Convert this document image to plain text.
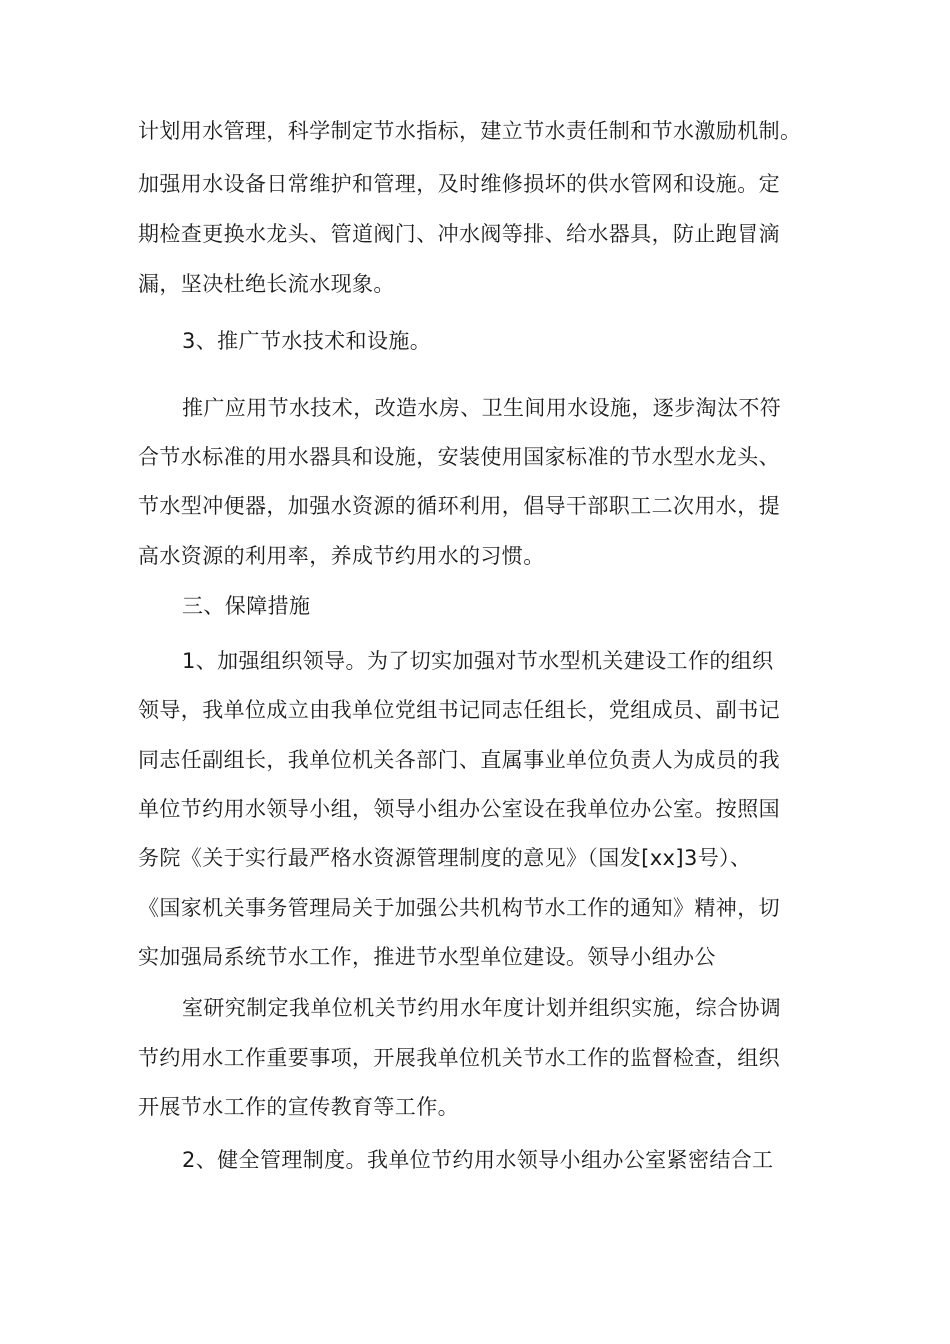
计划用水管理，科学制定节水指标，建立节水责任制和节水激励机制。
加强用水设备日常维护和管理，及时维修损坏的供水管网和设施。定
期检查更换水龙头、管道阀门、冲水阀等排、给水器具，防止跑冒滴
漏，坚决杜绝长流水现象。
3、推广节水技术和设施。
推广应用节水技术，改造水房、卫生间用水设施，逐步淘汰不符
合节水标准的用水器具和设施，安装使用国家标准的节水型水龙头、
节水型冲便器，加强水资源的循环利用，倡导干部职工二次用水，提
高水资源的利用率，养成节约用水的习惯。
三、保障措施
1、加强组织领导。为了切实加强对节水型机关建设工作的组织
领导，我单位成立由我单位党组书记同志任组长，党组成员、副书记
同志任副组长，我单位机关各部门、直属事业单位负责人为成员的我
单位节约用水领导小组，领导小组办公室设在我单位办公室。按照国
务院《关于实行最严格水资源管理制度的意见》（国发[xx]3号）、
《国家机关事务管理局关于加强公共机构节水工作的通知》精神，切
实加强局系统节水工作，推进节水型单位建设。领导小组办公
室研究制定我单位机关节约用水年度计划并组织实施，综合协调
节约用水工作重要事项，开展我单位机关节水工作的监督检查，组织
开展节水工作的宣传教育等工作。
2、健全管理制度。我单位节约用水领导小组办公室紧密结合工
